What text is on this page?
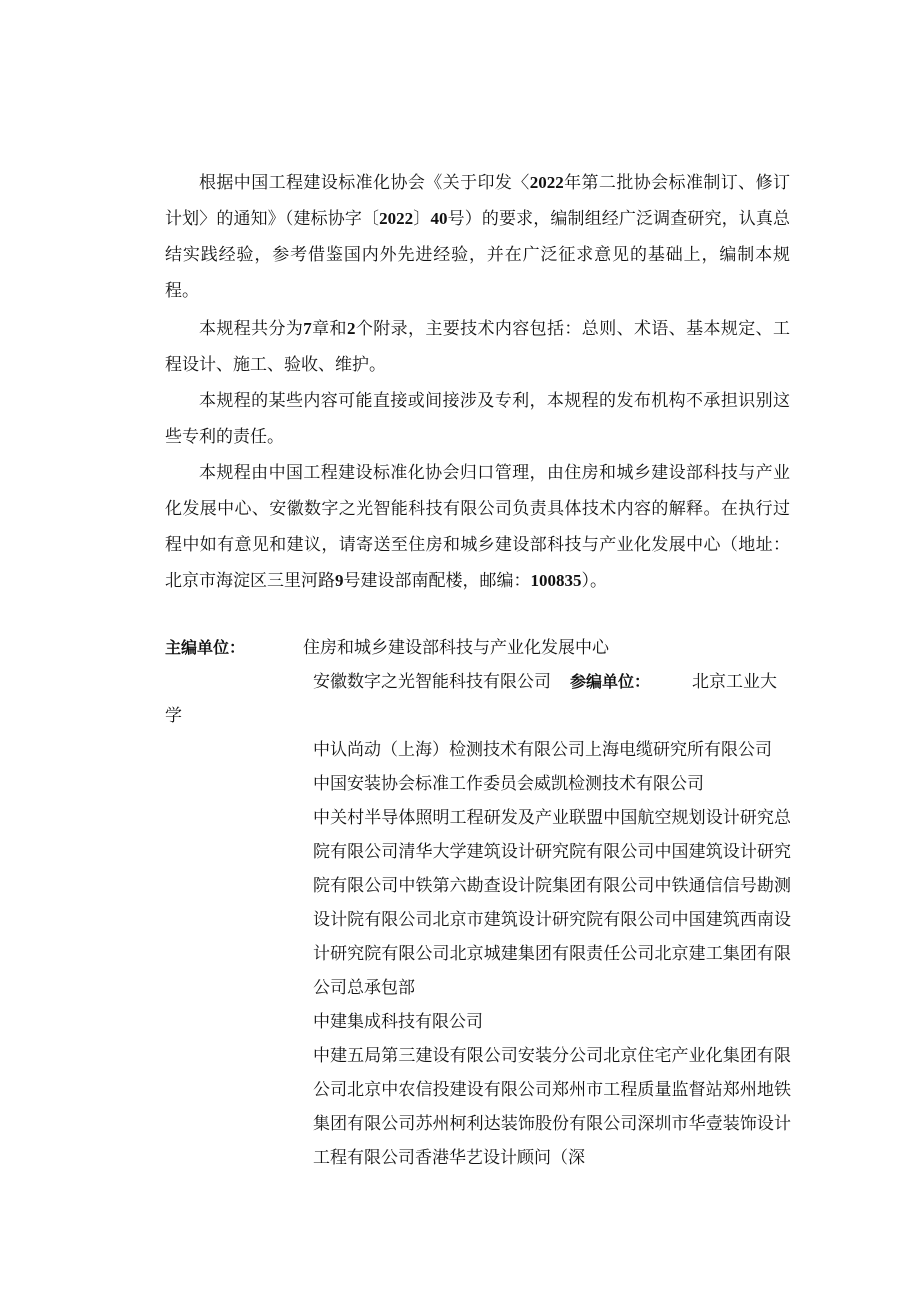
根据中国工程建设标准化协会《关于印发〈2022年第二批协会标准制订、修订计划〉的通知》（建标协字〔2022〕40号）的要求，编制组经广泛调查研究，认真总结实践经验，参考借鉴国内外先进经验，并在广泛征求意见的基础上，编制本规程。

本规程共分为7章和2个附录，主要技术内容包括：总则、术语、基本规定、工程设计、施工、验收、维护。

本规程的某些内容可能直接或间接涉及专利，本规程的发布机构不承担识别这些专利的责任。

本规程由中国工程建设标准化协会归口管理，由住房和城乡建设部科技与产业化发展中心、安徽数字之光智能科技有限公司负责具体技术内容的解释。在执行过程中如有意见和建议，请寄送至住房和城乡建设部科技与产业化发展中心（地址：北京市海淀区三里河路9号建设部南配楼，邮编：100835）。

主编单位：	住房和城乡建设部科技与产业化发展中心
安徽数字之光智能科技有限公司 参编单位： 北京工业大
学
中认尚动（上海）检测技术有限公司上海电缆研究所有限公司
中国安装协会标准工作委员会威凯检测技术有限公司
中关村半导体照明工程研发及产业联盟中国航空规划设计研究总院有限公司清华大学建筑设计研究院有限公司中国建筑设计研究院有限公司中铁第六勘查设计院集团有限公司中铁通信信号勘测设计院有限公司北京市建筑设计研究院有限公司中国建筑西南设计研究院有限公司北京城建集团有限责任公司北京建工集团有限公司总承包部
中建集成科技有限公司
中建五局第三建设有限公司安装分公司北京住宅产业化集团有限公司北京中农信投建设有限公司郑州市工程质量监督站郑州地铁集团有限公司苏州柯利达装饰股份有限公司深圳市华壹装饰设计工程有限公司香港华艺设计顾问（深
